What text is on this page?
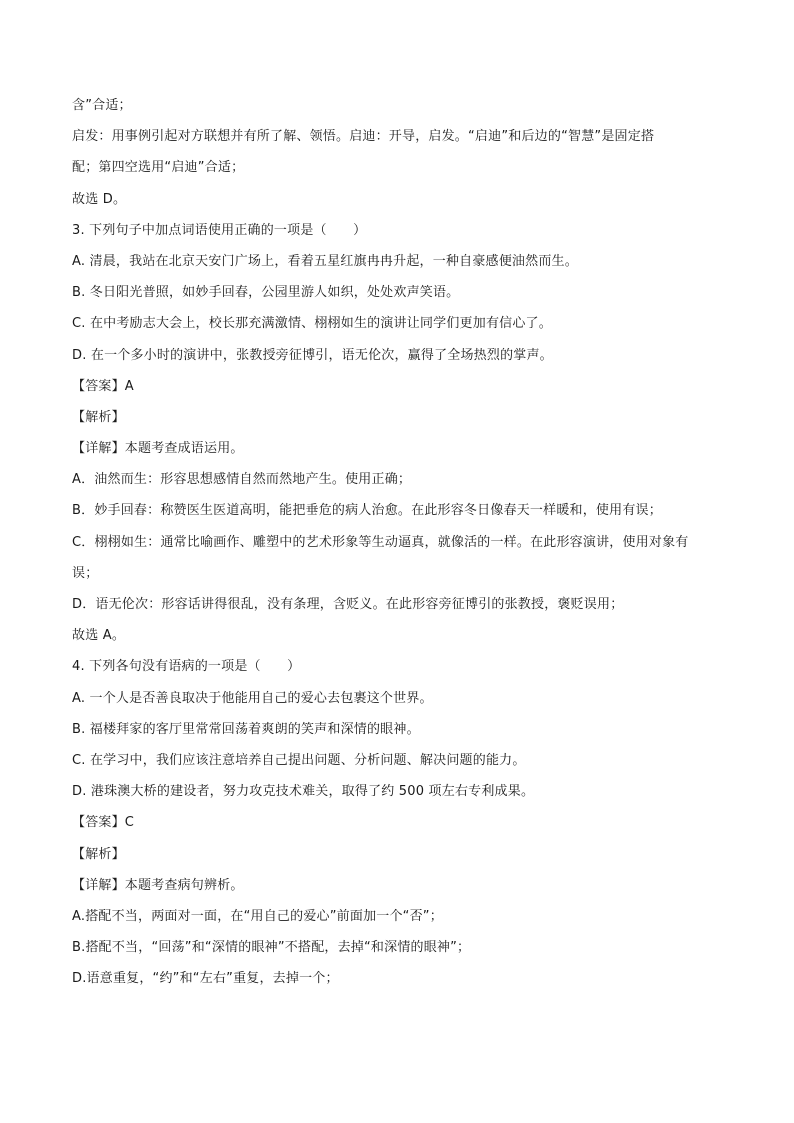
含”合适；

启发：用事例引起对方联想并有所了解、领悟。启迪：开导，启发。“启迪”和后边的“智慧”是固定搭

配；第四空选用“启迪”合适；

故选 D。

3. 下列句子中加点词语使用正确的一项是（　　）

A. 清晨，我站在北京天安门广场上，看着五星红旗冉冉升起，一种自豪感便油然而生。

B. 冬日阳光普照，如妙手回春，公园里游人如织，处处欢声笑语。

C. 在中考励志大会上，校长那充满激情、栩栩如生的演讲让同学们更加有信心了。

D. 在一个多小时的演讲中，张教授旁征博引，语无伦次，赢得了全场热烈的掌声。

【答案】A

【解析】

【详解】本题考查成语运用。

A．油然而生：形容思想感情自然而然地产生。使用正确；

B．妙手回春：称赞医生医道高明，能把垂危的病人治愈。在此形容冬日像春天一样暖和，使用有误；

C．栩栩如生：通常比喻画作、雕塑中的艺术形象等生动逼真，就像活的一样。在此形容演讲，使用对象有

误；

D．语无伦次：形容话讲得很乱，没有条理，含贬义。在此形容旁征博引的张教授，褒贬误用；

故选 A。

4. 下列各句没有语病的一项是（　　）

A. 一个人是否善良取决于他能用自己的爱心去包裹这个世界。

B. 福楼拜家的客厅里常常回荡着爽朗的笑声和深情的眼神。

C. 在学习中，我们应该注意培养自己提出问题、分析问题、解决问题的能力。

D. 港珠澳大桥的建设者，努力攻克技术难关，取得了约 500 项左右专利成果。

【答案】C

【解析】

【详解】本题考查病句辨析。

A.搭配不当，两面对一面，在“用自己的爱心”前面加一个“否”；

B.搭配不当，“回荡”和“深情的眼神”不搭配，去掉“和深情的眼神”；

D.语意重复，“约”和“左右”重复，去掉一个；
